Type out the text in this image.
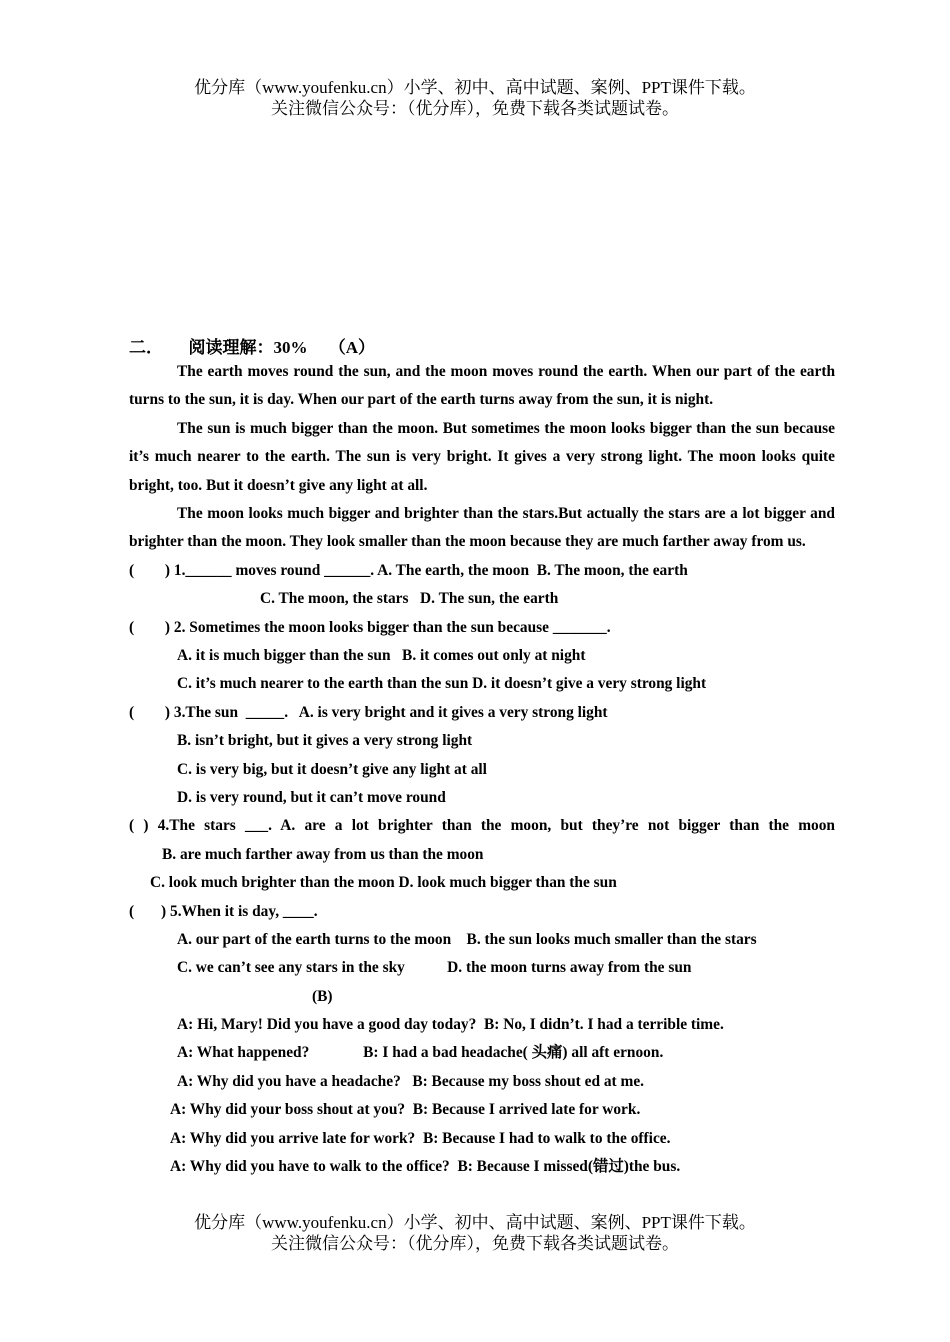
优分库（www.youfenku.cn）小学、初中、高中试题、案例、PPT课件下载。
关注微信公众号：（优分库），免费下载各类试题试卷。
二．      阅读理解：30%     （A）

The earth moves round the sun, and the moon moves round the earth. When our part of the earth turns to the sun, it is day. When our part of the earth turns away from the sun, it is night.

The sun is much bigger than the moon. But sometimes the moon looks bigger than the sun because it’s much nearer to the earth. The sun is very bright. It gives a very strong light. The moon looks quite bright, too. But it doesn’t give any light at all.

The moon looks much bigger and brighter than the stars.But actually the stars are a lot bigger and brighter than the moon. They look smaller than the moon because they are much farther away from us.

(        ) 1.______ moves round ______. A. The earth, the moon  B. The moon, the earth

C. The moon, the stars   D. The sun, the earth

(        ) 2. Sometimes the moon looks bigger than the sun because _______.

A. it is much bigger than the sun   B. it comes out only at night

C. it’s much nearer to the earth than the sun D. it doesn’t give a very strong light

(        ) 3.The sun  _____.   A. is very bright and it gives a very strong light

B. isn’t bright, but it gives a very strong light

C. is very big, but it doesn’t give any light at all

D. is very round, but it can’t move round

( ) 4.The stars ___. A. are a lot brighter than the moon, but they’re not bigger than the moon

B. are much farther away from us than the moon

C. look much brighter than the moon D. look much bigger than the sun

(       ) 5.When it is day, ____.

A. our part of the earth turns to the moon    B. the sun looks much smaller than the stars

C. we can’t see any stars in the sky           D. the moon turns away from the sun

(B)

A: Hi, Mary! Did you have a good day today?  B: No, I didn’t. I had a terrible time.

A: What happened?              B: I had a bad headache( 头痛) all aft ernoon.

A: Why did you have a headache?   B: Because my boss shout ed at me.

A: Why did your boss shout at you?  B: Because I arrived late for work.

A: Why did you arrive late for work?  B: Because I had to walk to the office.

A: Why did you have to walk to the office?  B: Because I missed(错过)the bus.

优分库（www.youfenku.cn）小学、初中、高中试题、案例、PPT课件下载。
关注微信公众号：（优分库），免费下载各类试题试卷。
